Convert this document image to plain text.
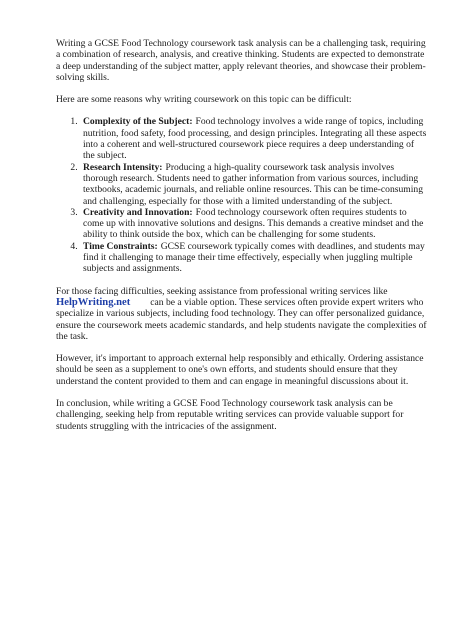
Writing a GCSE Food Technology coursework task analysis can be a challenging task, requiring a combination of research, analysis, and creative thinking. Students are expected to demonstrate a deep understanding of the subject matter, apply relevant theories, and showcase their problem-solving skills.

Here are some reasons why writing coursework on this topic can be difficult:

1. Complexity of the Subject: Food technology involves a wide range of topics, including nutrition, food safety, food processing, and design principles. Integrating all these aspects into a coherent and well-structured coursework piece requires a deep understanding of the subject.
2. Research Intensity: Producing a high-quality coursework task analysis involves thorough research. Students need to gather information from various sources, including textbooks, academic journals, and reliable online resources. This can be time-consuming and challenging, especially for those with a limited understanding of the subject.
3. Creativity and Innovation: Food technology coursework often requires students to come up with innovative solutions and designs. This demands a creative mindset and the ability to think outside the box, which can be challenging for some students.
4. Time Constraints: GCSE coursework typically comes with deadlines, and students may find it challenging to manage their time effectively, especially when juggling multiple subjects and assignments.

For those facing difficulties, seeking assistance from professional writing services like
HelpWriting.net can be a viable option. These services often provide expert writers who specialize in various subjects, including food technology. They can offer personalized guidance, ensure the coursework meets academic standards, and help students navigate the complexities of the task.

However, it's important to approach external help responsibly and ethically. Ordering assistance should be seen as a supplement to one's own efforts, and students should ensure that they understand the content provided to them and can engage in meaningful discussions about it.

In conclusion, while writing a GCSE Food Technology coursework task analysis can be challenging, seeking help from reputable writing services can provide valuable support for students struggling with the intricacies of the assignment.
